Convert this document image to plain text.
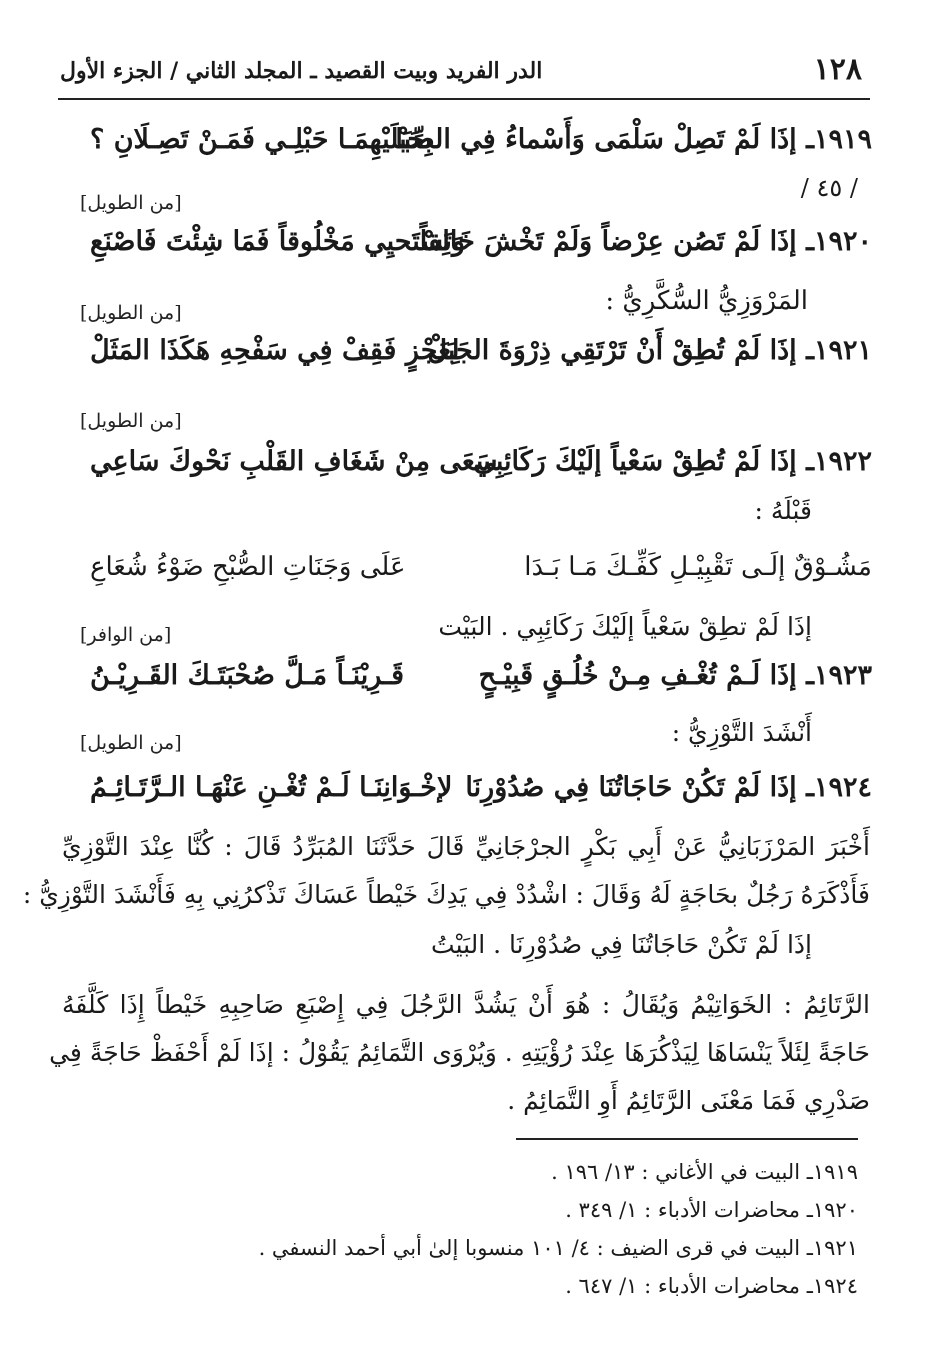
١٢٨
الدر الفريد وبيت القصيد ـ المجلد الثاني / الجزء الأول
١٩١٩ـ إذَا لَمْ تَصِلْ سَلْمَى وَأَسْماءُ فِي الصِّبَا
بِحَبْلَيْهِمَـا حَبْلِـي فَمَـنْ تَصِـلَانِ ؟
/ ٤٥ /
[من الطويل]
١٩٢٠ـ إذَا لَمْ تَصُن عِرْضاً وَلَمْ تَخْشَ خَالِقاً
وَتَسْتَحيِي مَخْلُوقاً فَمَا شِئْتَ فَاصْنَعِ
المَرْوَزِيُّ السُّكَّرِيُّ :
[من الطويل]
١٩٢١ـ إذَا لَمْ تُطِقْ أَنْ تَرْتَقِي ذِرْوَةَ الجَبَلْ
لِعَجْزٍ فَقِفْ فِي سَفْحِهِ هَكَذَا المَثَلْ
[من الطويل]
١٩٢٢ـ إذَا لَمْ تُطِقْ سَعْياً إلَيْكَ رَكَائِبِي
سَعَى مِنْ شَغَافِ القَلْبِ نَحْوكَ سَاعِي
قَبْلَهُ :
مَشُـوْقٌ إلَـى تَقْبِيْـلِ كَفِّـكَ مَـا بَـدَا
عَلَى وَجَنَاتِ الصُّبْحِ ضَوْءُ شُعَاعِ
إذَا لَمْ تطِقْ سَعْياً إلَيْكَ رَكَائِبِي . البَيْت
[من الوافر]
١٩٢٣ـ إذَا لَـمْ تُغْـفِ مِـنْ خُلُـقٍ قَبِيْـحٍ
قَـرِيْنَـاً مَـلَّ صُحْبَتَـكَ القَـرِيْـنُ
أَنْشَدَ التَّوْزِيُّ :
[من الطويل]
١٩٢٤ـ إذَا لَمْ تَكُنْ حَاجَاتُنَا فِي صُدُوْرِنَا
لإخْـوَانِنَـا لَـمْ تُغْـنِ عَنْهَـا الـرَّتَـائِـمُ
أَخْبَرَ المَرْزَبَانِيُّ عَنْ أَبِي بَكْرٍ الجرْجَانِيِّ قَالَ حَدَّثَنَا المُبَرِّدُ قَالَ : كُنَّا عِنْدَ التَّوْزِيِّ
فَأَذْكَرَهُ رَجُلٌ بحَاجَةٍ لَهُ وَقَالَ : اشْدُدْ فِي يَدِكَ خَيْطاً عَسَاكَ تَذْكرُنِي بِهِ فَأَنْشَدَ التَّوْزِيُّ :
إذَا لَمْ تَكُنْ حَاجَاتُنَا فِي صُدُوْرِنَا . البَيْتُ
الرَّتَائِمُ : الخَوَاتِيْمُ وَيُقَالُ : هُوَ أَنْ يَشُدَّ الرَّجُلَ فِي إِصْبَعِ صَاحِبِهِ خَيْطاً إِذَا كَلَّفَهُ
حَاجَةً لِئَلاً يَنْسَاهَا لِيَذْكُرَهَا عِنْدَ رُؤْيَتِهِ . وَيُرْوَى التَّمَائِمُ يَقُوْلُ : إذَا لَمْ أَحْفَظْ حَاجَةً فِي
صَدْرِي فَمَا مَعْنَى الرَّتَائِمُ أَوِ التَّمَائِمُ .
١٩١٩ـ البيت في الأغاني : ١٣/ ١٩٦ .
١٩٢٠ـ محاضرات الأدباء : ١/ ٣٤٩ .
١٩٢١ـ البيت في قرى الضيف : ٤/ ١٠١ منسوبا إلىٰ أبي أحمد النسفي .
١٩٢٤ـ محاضرات الأدباء : ١/ ٦٤٧ .
